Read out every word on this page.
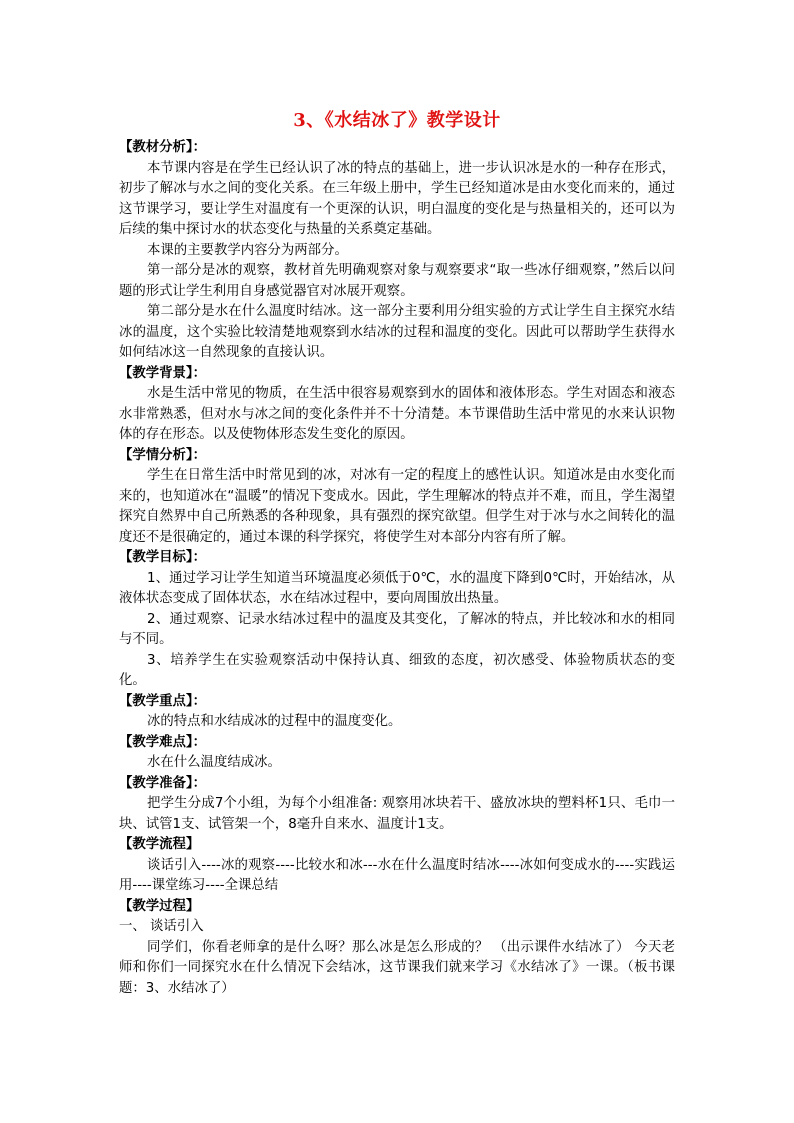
3、《水结冰了》教学设计

【教材分析】：

本节课内容是在学生已经认识了冰的特点的基础上，进一步认识冰是水的一种存在形式，初步了解冰与水之间的变化关系。在三年级上册中，学生已经知道冰是由水变化而来的，通过这节课学习，要让学生对温度有一个更深的认识，明白温度的变化是与热量相关的，还可以为后续的集中探讨水的状态变化与热量的关系奠定基础。

本课的主要教学内容分为两部分。

第一部分是冰的观察，教材首先明确观察对象与观察要求“取一些冰仔细观察，”然后以问题的形式让学生利用自身感觉器官对冰展开观察。

第二部分是水在什么温度时结冰。这一部分主要利用分组实验的方式让学生自主探究水结冰的温度，这个实验比较清楚地观察到水结冰的过程和温度的变化。因此可以帮助学生获得水如何结冰这一自然现象的直接认识。

【教学背景】：

水是生活中常见的物质，在生活中很容易观察到水的固体和液体形态。学生对固态和液态水非常熟悉，但对水与冰之间的变化条件并不十分清楚。本节课借助生活中常见的水来认识物体的存在形态。以及使物体形态发生变化的原因。

【学情分析】：

学生在日常生活中时常见到的冰，对冰有一定的程度上的感性认识。知道冰是由水变化而来的，也知道冰在“温暖”的情况下变成水。因此，学生理解冰的特点并不难，而且，学生渴望探究自然界中自己所熟悉的各种现象，具有强烈的探究欲望。但学生对于冰与水之间转化的温度还不是很确定的，通过本课的科学探究，将使学生对本部分内容有所了解。

【教学目标】：

1、通过学习让学生知道当环境温度必须低于0℃，水的温度下降到0℃时，开始结冰，从液体状态变成了固体状态，水在结冰过程中，要向周围放出热量。

2、通过观察、记录水结冰过程中的温度及其变化，了解冰的特点，并比较冰和水的相同与不同。

3、培养学生在实验观察活动中保持认真、细致的态度，初次感受、体验物质状态的变化。

【教学重点】：

冰的特点和水结成冰的过程中的温度变化。

【教学难点】：

水在什么温度结成冰。

【教学准备】：

把学生分成7个小组，为每个小组准备: 观察用冰块若干、盛放冰块的塑料杯1只、毛巾一块、试管1支、试管架一个，8毫升自来水、温度计1支。

【教学流程】

谈话引入----冰的观察----比较水和冰---水在什么温度时结冰----冰如何变成水的----实践运用----课堂练习----全课总结

【教学过程】

一、 谈话引入

同学们，你看老师拿的是什么呀？那么冰是怎么形成的？ （出示课件水结冰了） 今天老师和你们一同探究水在什么情况下会结冰，这节课我们就来学习《水结冰了》一课。（板书课题：3、水结冰了）
